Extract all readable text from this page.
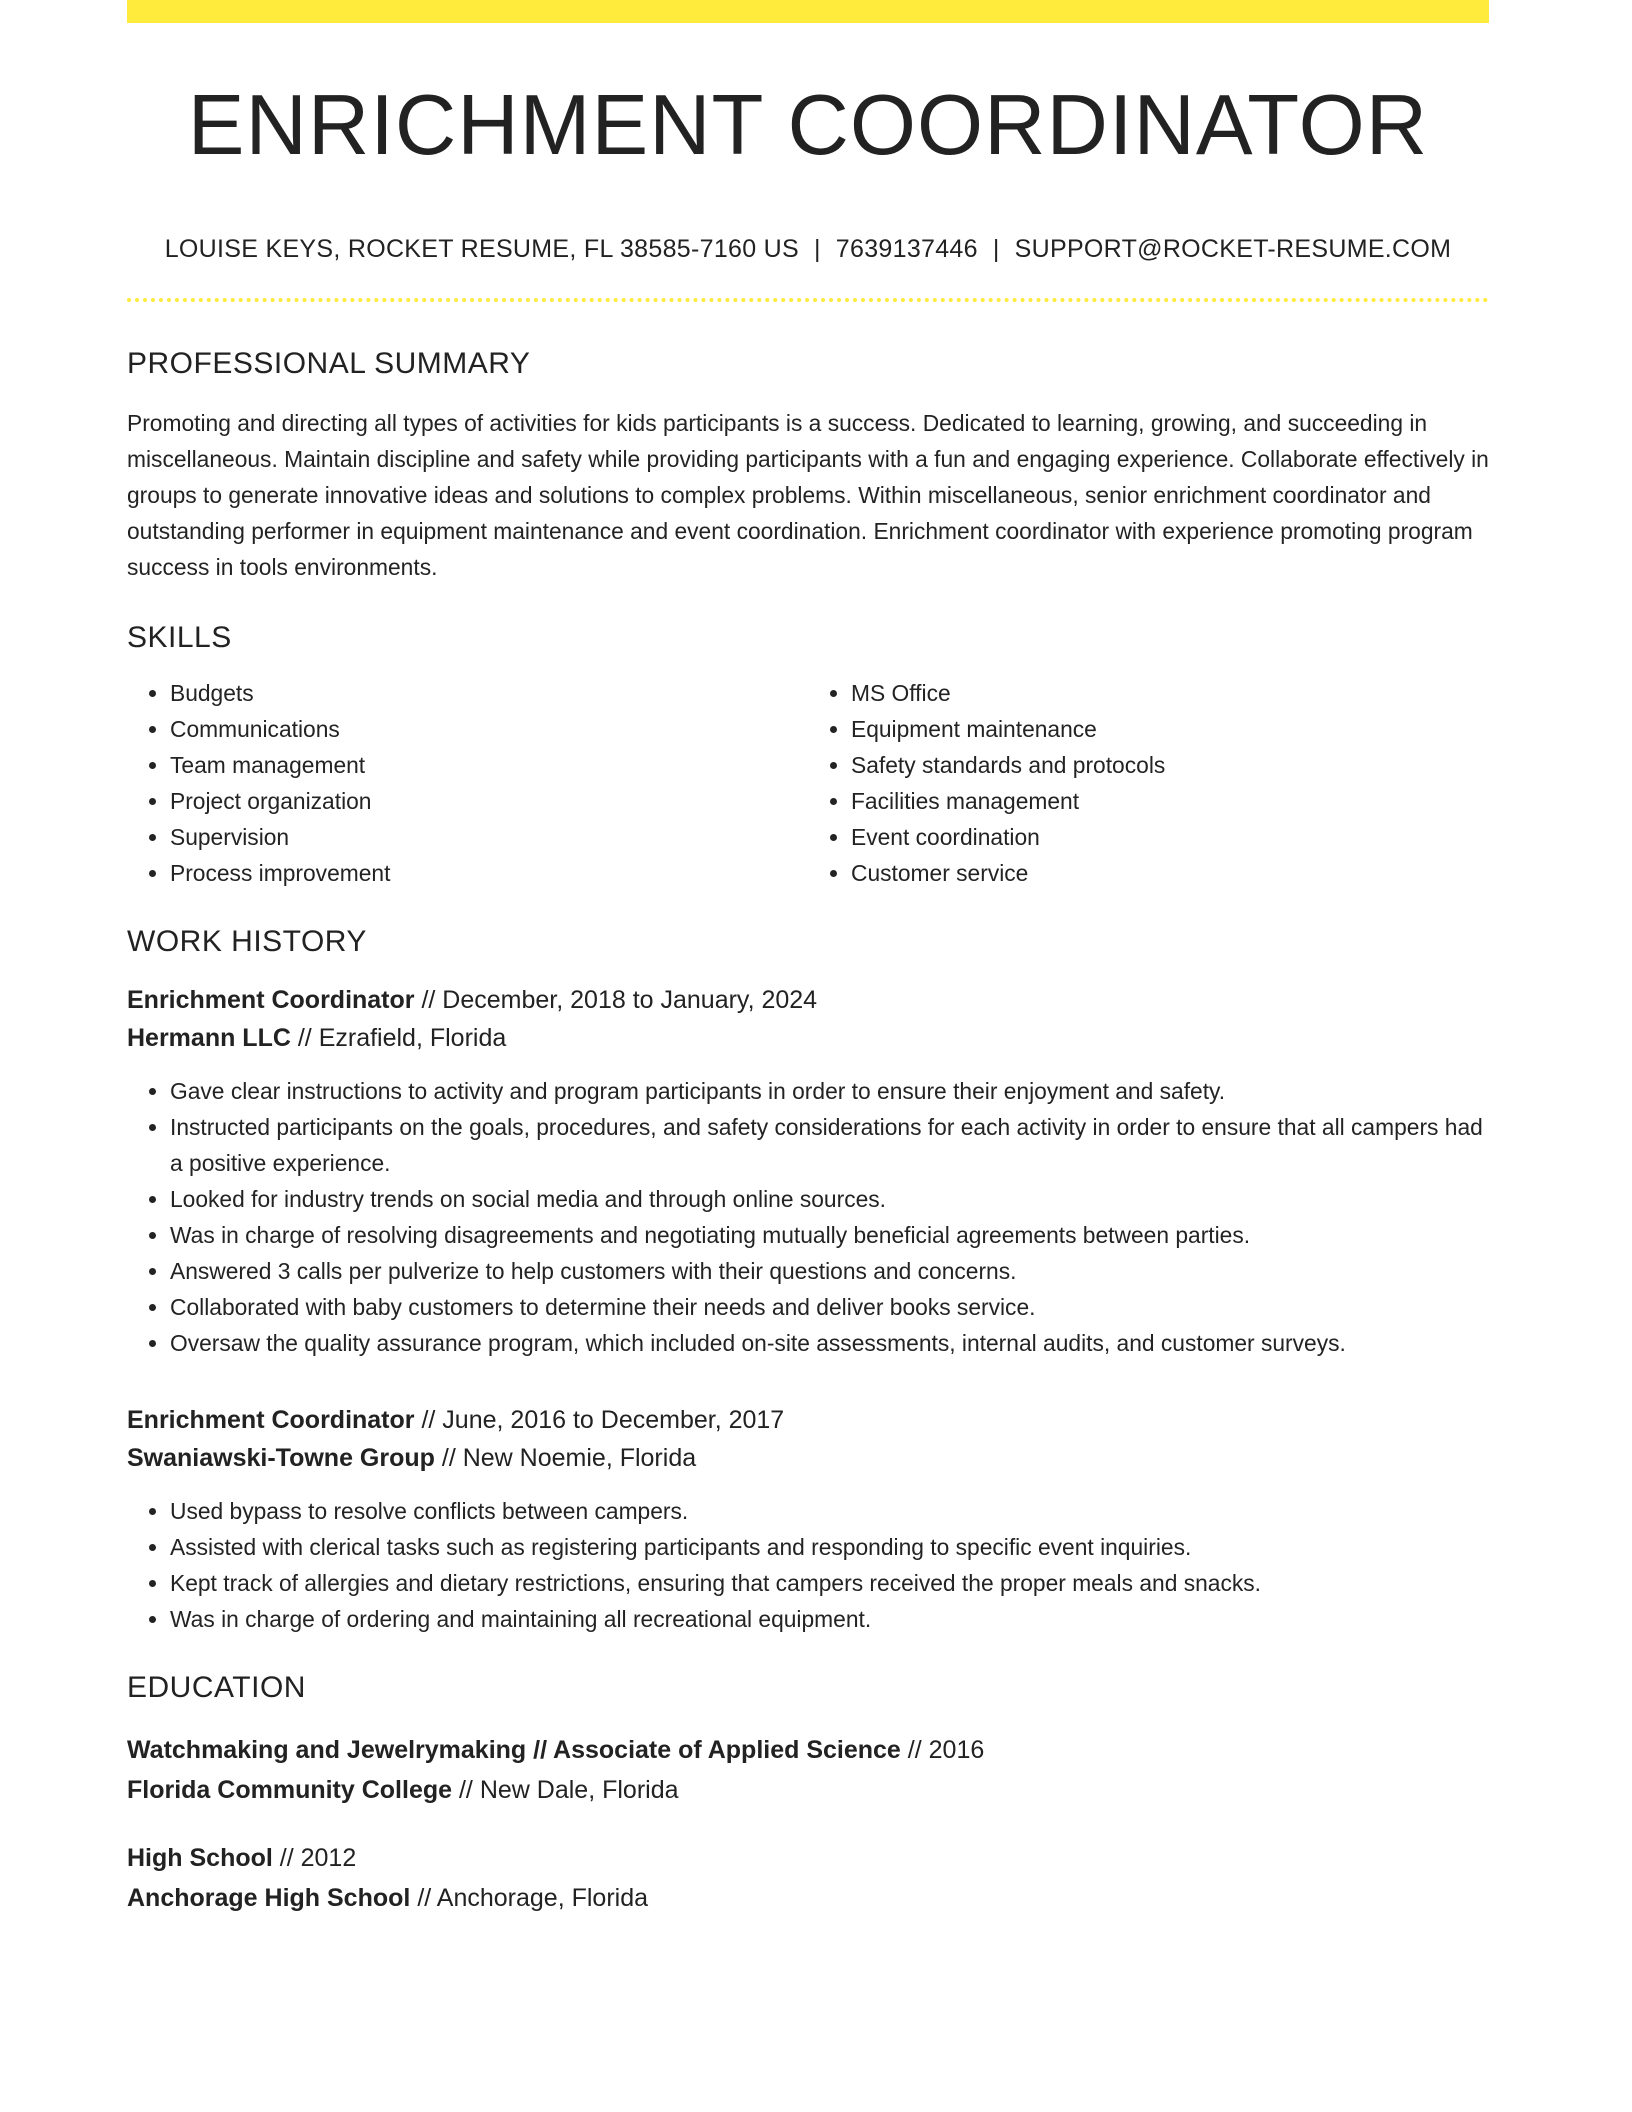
ENRICHMENT COORDINATOR
LOUISE KEYS, ROCKET RESUME, FL 38585-7160 US | 7639137446 | SUPPORT@ROCKET-RESUME.COM
PROFESSIONAL SUMMARY
Promoting and directing all types of activities for kids participants is a success. Dedicated to learning, growing, and succeeding in miscellaneous. Maintain discipline and safety while providing participants with a fun and engaging experience. Collaborate effectively in groups to generate innovative ideas and solutions to complex problems. Within miscellaneous, senior enrichment coordinator and outstanding performer in equipment maintenance and event coordination. Enrichment coordinator with experience promoting program success in tools environments.
SKILLS
• Budgets
• Communications
• Team management
• Project organization
• Supervision
• Process improvement
• MS Office
• Equipment maintenance
• Safety standards and protocols
• Facilities management
• Event coordination
• Customer service
WORK HISTORY
Enrichment Coordinator // December, 2018 to January, 2024
Hermann LLC // Ezrafield, Florida
• Gave clear instructions to activity and program participants in order to ensure their enjoyment and safety.
• Instructed participants on the goals, procedures, and safety considerations for each activity in order to ensure that all campers had a positive experience.
• Looked for industry trends on social media and through online sources.
• Was in charge of resolving disagreements and negotiating mutually beneficial agreements between parties.
• Answered 3 calls per pulverize to help customers with their questions and concerns.
• Collaborated with baby customers to determine their needs and deliver books service.
• Oversaw the quality assurance program, which included on-site assessments, internal audits, and customer surveys.
Enrichment Coordinator // June, 2016 to December, 2017
Swaniawski-Towne Group // New Noemie, Florida
• Used bypass to resolve conflicts between campers.
• Assisted with clerical tasks such as registering participants and responding to specific event inquiries.
• Kept track of allergies and dietary restrictions, ensuring that campers received the proper meals and snacks.
• Was in charge of ordering and maintaining all recreational equipment.
EDUCATION
Watchmaking and Jewelrymaking // Associate of Applied Science // 2016
Florida Community College // New Dale, Florida
High School // 2012
Anchorage High School // Anchorage, Florida
